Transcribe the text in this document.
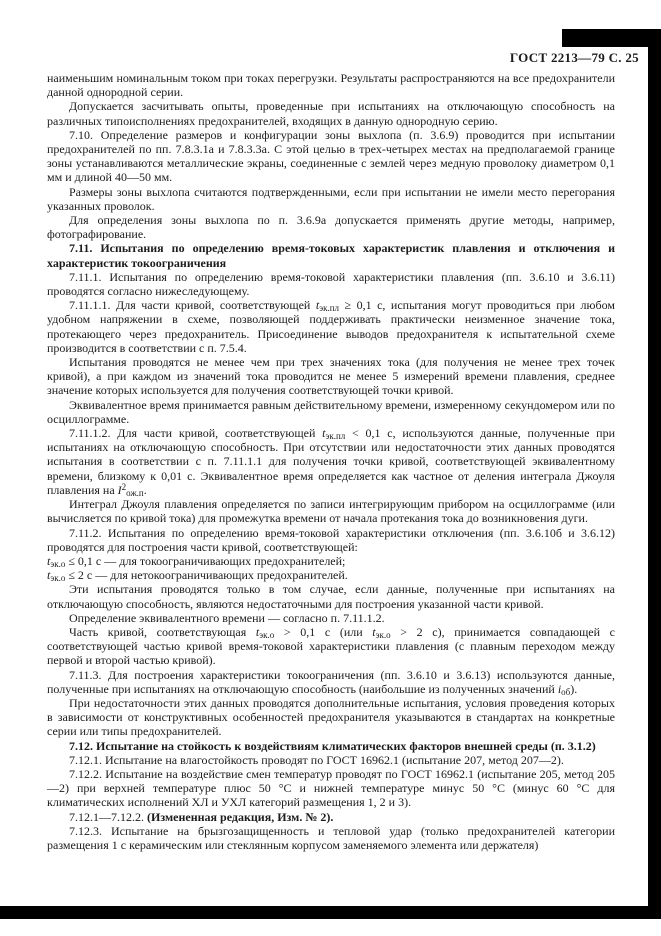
ГОСТ 2213—79 С. 25

наименьшим номинальным током при токах перегрузки. Результаты распространяются на все предохранители данной однородной серии.

Допускается засчитывать опыты, проведенные при испытаниях на отключающую способность на различных типоисполнениях предохранителей, входящих в данную однородную серию.

7.10. Определение размеров и конфигурации зоны выхлопа (п. 3.6.9) проводится при испытании предохранителей по пп. 7.8.3.1а и 7.8.3.3а. С этой целью в трех-четырех местах на предполагаемой границе зоны устанавливаются металлические экраны, соединенные с землей через медную проволоку диаметром 0,1 мм и длиной 40—50 мм.

Размеры зоны выхлопа считаются подтвержденными, если при испытании не имели место перегорания указанных проволок.

Для определения зоны выхлопа по п. 3.6.9а допускается применять другие методы, например, фотографирование.

7.11. Испытания по определению время-токовых характеристик плавления и отключения и характеристик токоограничения

7.11.1. Испытания по определению время-токовой характеристики плавления (пп. 3.6.10 и 3.6.11) проводятся согласно нижеследующему.

7.11.1.1. Для части кривой, соответствующей $t_{эк.пл} \ge 0,1$ с, испытания могут проводиться при любом удобном напряжении в схеме, позволяющей поддерживать практически неизменное значение тока, протекающего через предохранитель. Присоединение выводов предохранителя к испытательной схеме производится в соответствии с п. 7.5.4.

Испытания проводятся не менее чем при трех значениях тока (для получения не менее трех точек кривой), а при каждом из значений тока проводится не менее 5 измерений времени плавления, среднее значение которых используется для получения соответствующей точки кривой.

Эквивалентное время принимается равным действительному времени, измеренному секундомером или по осциллограмме.

7.11.1.2. Для части кривой, соответствующей $t_{эк.пл} < 0,1$ с, используются данные, полученные при испытаниях на отключающую способность. При отсутствии или недостаточности этих данных проводятся испытания в соответствии с п. 7.11.1.1 для получения точки кривой, соответствующей эквивалентному времени, близкому к 0,01 с. Эквивалентное время определяется как частное от деления интеграла Джоуля плавления на $I^2_{ож.п}$.

Интеграл Джоуля плавления определяется по записи интегрирующим прибором на осциллограмме (или вычисляется по кривой тока) для промежутка времени от начала протекания тока до возникновения дуги.

7.11.2. Испытания по определению время-токовой характеристики отключения (пп. 3.6.10б и 3.6.12) проводятся для построения части кривой, соответствующей:

$t_{эк.о} \le 0,1$ с — для токоограничивающих предохранителей;

$t_{эк.о} \le 2$ с — для нетокоограничивающих предохранителей.

Эти испытания проводятся только в том случае, если данные, полученные при испытаниях на отключающую способность, являются недостаточными для построения указанной части кривой.

Определение эквивалентного времени — согласно п. 7.11.1.2.

Часть кривой, соответствующая $t_{эк.о} > 0,1$ с (или $t_{эк.о} > 2$ с), принимается совпадающей с соответствующей частью кривой время-токовой характеристики плавления (с плавным переходом между первой и второй частью кривой).

7.11.3. Для построения характеристики токоограничения (пп. 3.6.10 и 3.6.13) используются данные, полученные при испытаниях на отключающую способность (наибольшие из полученных значений $i_{об}$).

При недостаточности этих данных проводятся дополнительные испытания, условия проведения которых в зависимости от конструктивных особенностей предохранителя указываются в стандартах на конкретные серии или типы предохранителей.

7.12. Испытание на стойкость к воздействиям климатических факторов внешней среды (п. 3.1.2)

7.12.1. Испытание на влагостойкость проводят по ГОСТ 16962.1 (испытание 207, метод 207—2).

7.12.2. Испытание на воздействие смен температур проводят по ГОСТ 16962.1 (испытание 205, метод 205—2) при верхней температуре плюс 50 °С и нижней температуре минус 50 °С (минус 60 °С для климатических исполнений ХЛ и УХЛ категорий размещения 1, 2 и 3).

7.12.1—7.12.2. (Измененная редакция, Изм. № 2).

7.12.3. Испытание на брызгозащищенность и тепловой удар (только предохранителей категории размещения 1 с керамическим или стеклянным корпусом заменяемого элемента или держателя)
